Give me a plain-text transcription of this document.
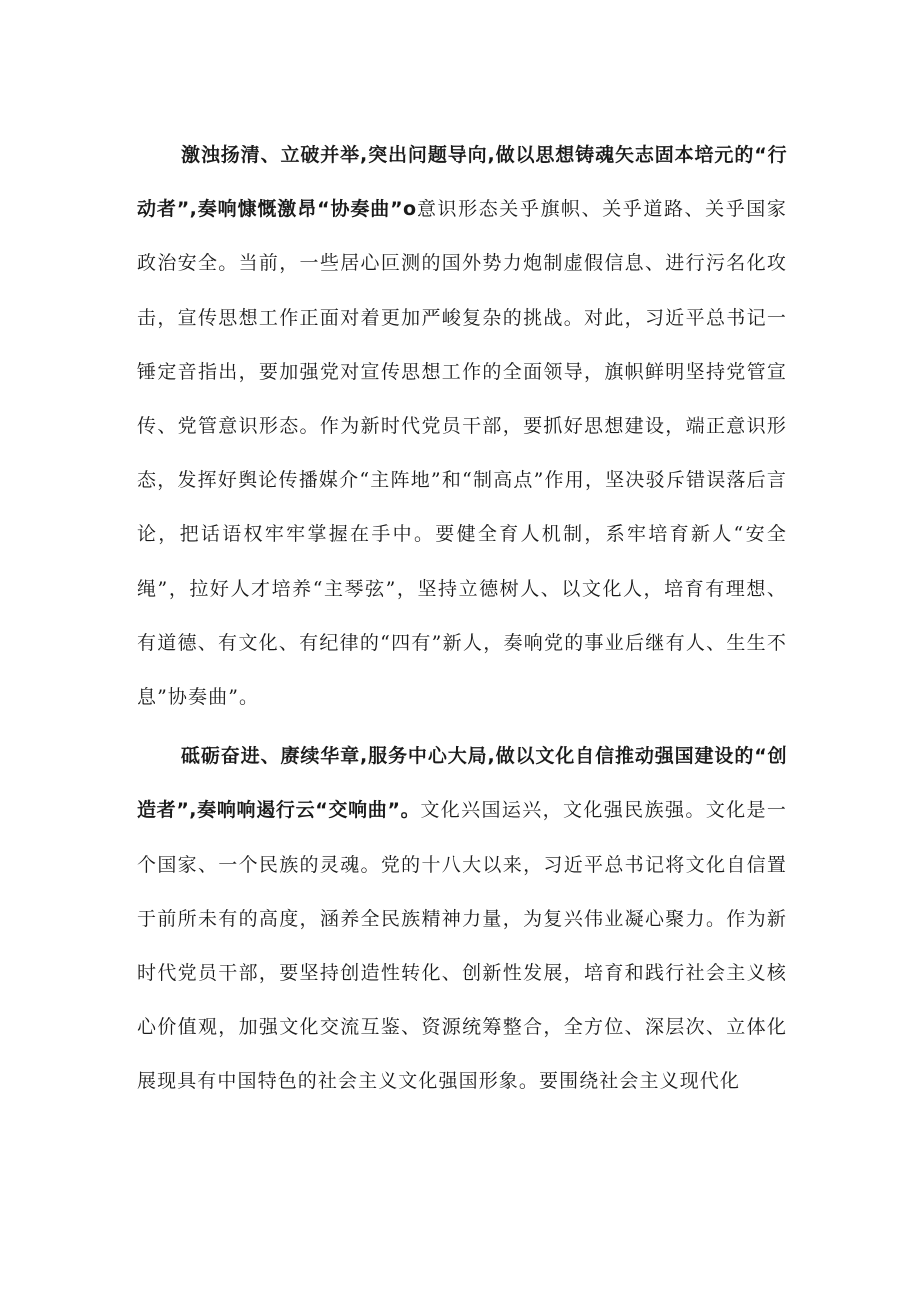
激浊扬清、立破并举,突出问题导向,做以思想铸魂矢志固本培元的“行动者”,奏响慷慨激昂“协奏曲”o意识形态关乎旗帜、关乎道路、关乎国家政治安全。当前，一些居心叵测的国外势力炮制虚假信息、进行污名化攻击，宣传思想工作正面对着更加严峻复杂的挑战。对此，习近平总书记一锤定音指出，要加强党对宣传思想工作的全面领导，旗帜鲜明坚持党管宣传、党管意识形态。作为新时代党员干部，要抓好思想建设，端正意识形态，发挥好舆论传播媒介“主阵地”和“制高点”作用，坚决驳斥错误落后言论，把话语权牢牢掌握在手中。要健全育人机制，系牢培育新人“安全绳”，拉好人才培养“主琴弦”，坚持立德树人、以文化人，培育有理想、有道德、有文化、有纪律的“四有”新人，奏响党的事业后继有人、生生不息”协奏曲”。

砥砺奋进、赓续华章,服务中心大局,做以文化自信推动强国建设的“创造者”,奏响响遏行云“交响曲”。文化兴国运兴，文化强民族强。文化是一个国家、一个民族的灵魂。党的十八大以来，习近平总书记将文化自信置于前所未有的高度，涵养全民族精神力量，为复兴伟业凝心聚力。作为新时代党员干部，要坚持创造性转化、创新性发展，培育和践行社会主义核心价值观，加强文化交流互鉴、资源统筹整合，全方位、深层次、立体化展现具有中国特色的社会主义文化强国形象。要围绕社会主义现代化
